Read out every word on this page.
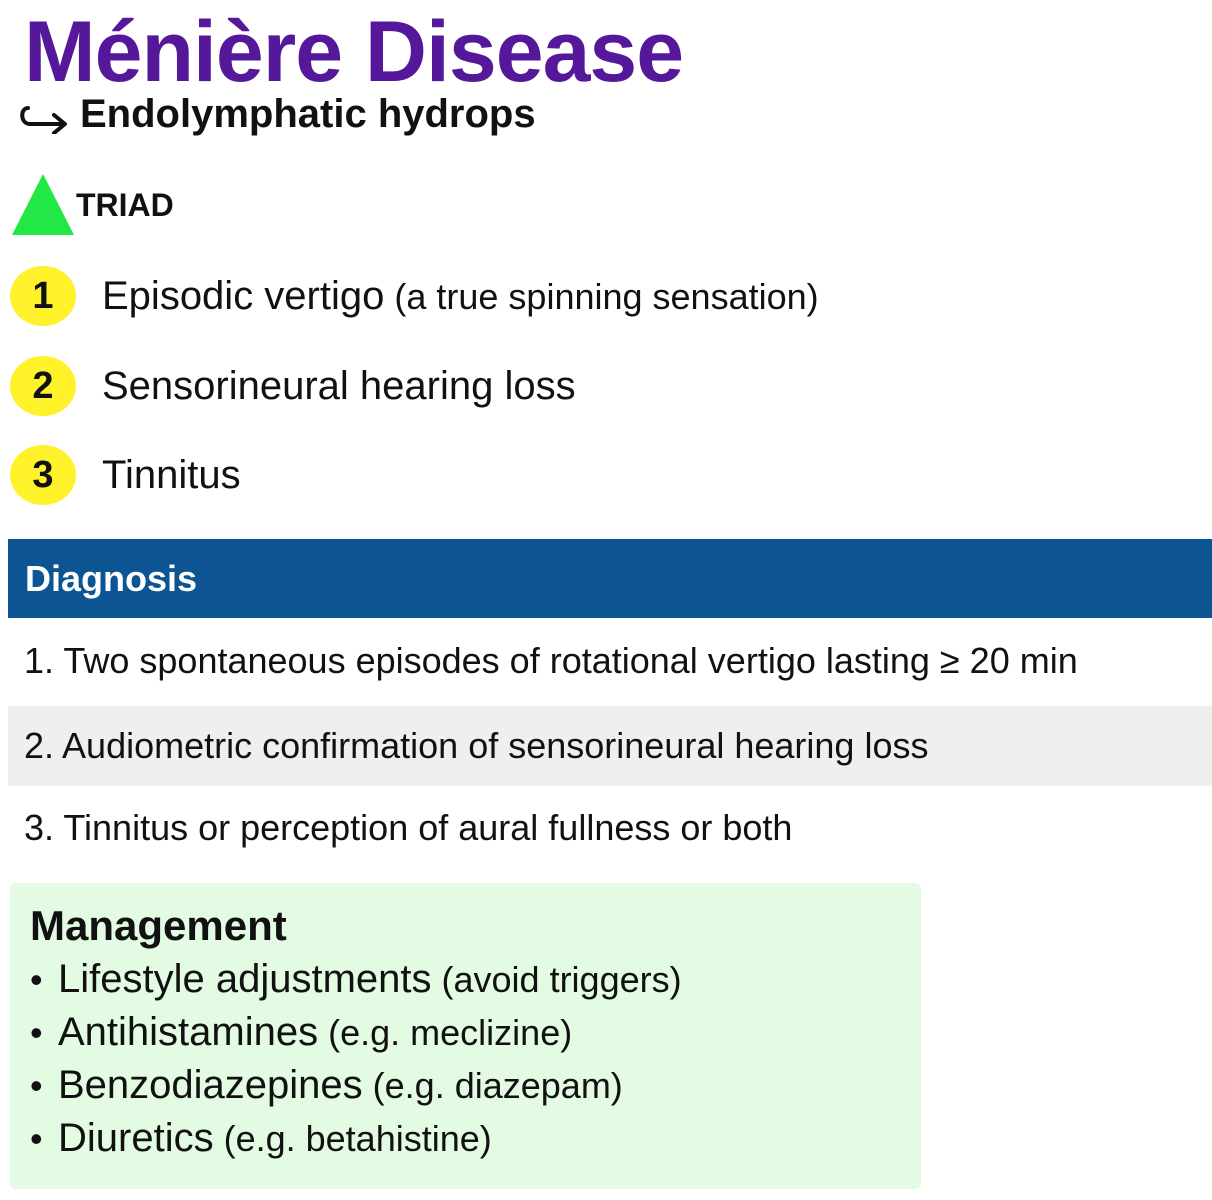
Ménière Disease
Endolymphatic hydrops
TRIAD
1	Episodic vertigo (a true spinning sensation)
2	Sensorineural hearing loss
3	Tinnitus
Diagnosis
1. Two spontaneous episodes of rotational vertigo lasting ≥ 20 min
2. Audiometric confirmation of sensorineural hearing loss
3. Tinnitus or perception of aural fullness or both
Management
• Lifestyle adjustments (avoid triggers)
• Antihistamines (e.g. meclizine)
• Benzodiazepines (e.g. diazepam)
• Diuretics (e.g. betahistine)
